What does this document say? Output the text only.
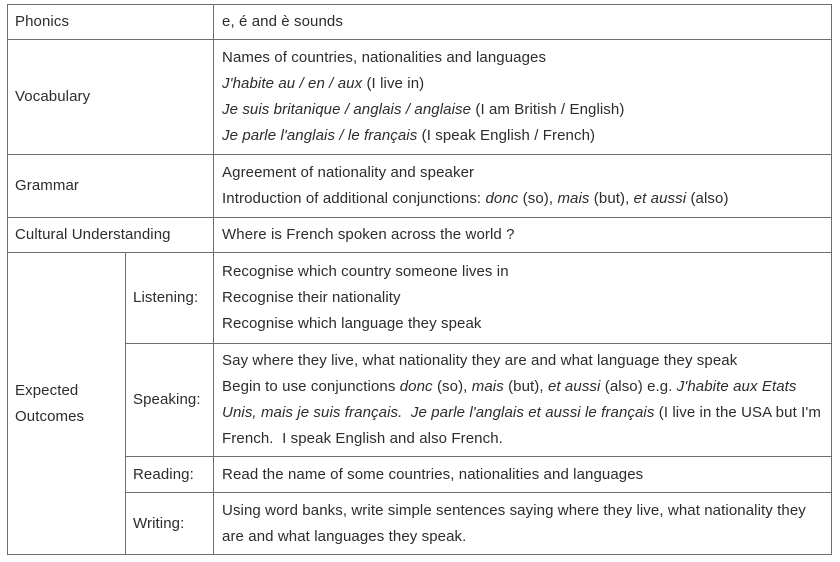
Phonics		e, é and è sounds

Vocabulary		Names of countries, nationalities and languages
J'habite au / en / aux (I live in)
Je suis britanique / anglais / anglaise (I am British / English)
Je parle l'anglais / le français (I speak English / French)

Grammar		Agreement of nationality and speaker
Introduction of additional conjunctions: donc (so), mais (but), et aussi (also)

Cultural Understanding		Where is French spoken across the world ?

Expected Outcomes	Listening:	Recognise which country someone lives in
Recognise their nationality
Recognise which language they speak

	Speaking:	Say where they live, what nationality they are and what language they speak
Begin to use conjunctions donc (so), mais (but), et aussi (also) e.g. J'habite aux Etats Unis, mais je suis français.  Je parle l'anglais et aussi le français (I live in the USA but I'm French.  I speak English and also French.

	Reading:	Read the name of some countries, nationalities and languages

	Writing:	Using word banks, write simple sentences saying where they live, what nationality they are and what languages they speak.
